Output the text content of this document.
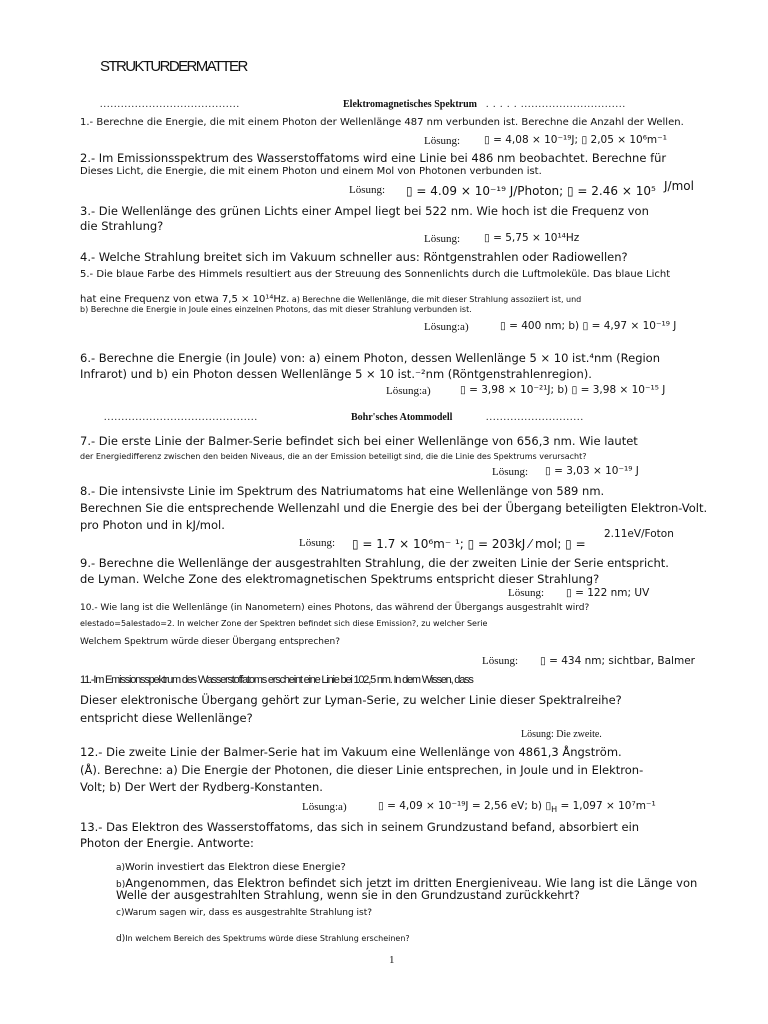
STRUKTURDERMATTER
........................................	Elektromagnetisches Spektrum . . . . . ..............................
1.- Berechne die Energie, die mit einem Photon der Wellenlänge 487 nm verbunden ist. Berechne die Anzahl der Wellen.
Lösung: ▯ = 4,08 × 10⁻¹⁹J; ▯ 2,05 × 10⁶m⁻¹
2.- Im Emissionsspektrum des Wasserstoffatoms wird eine Linie bei 486 nm beobachtet. Berechne für
Dieses Licht, die Energie, die mit einem Photon und einem Mol von Photonen verbunden ist.
Lösung: ▯ = 4.09 × 10⁻¹⁹ J/Photon; ▯ = 2.46 × 10⁵ J/mol
3.- Die Wellenlänge des grünen Lichts einer Ampel liegt bei 522 nm. Wie hoch ist die Frequenz von
die Strahlung?
Lösung: ▯ = 5,75 × 10¹⁴Hz
4.- Welche Strahlung breitet sich im Vakuum schneller aus: Röntgenstrahlen oder Radiowellen?
5.- Die blaue Farbe des Himmels resultiert aus der Streuung des Sonnenlichts durch die Luftmoleküle. Das blaue Licht
hat eine Frequenz von etwa 7,5 × 10¹⁴Hz. a) Berechne die Wellenlänge, die mit dieser Strahlung assoziiert ist, und
b) Berechne die Energie in Joule eines einzelnen Photons, das mit dieser Strahlung verbunden ist.
Lösung:a)	▯ = 400 nm; b) ▯ = 4,97 × 10⁻¹⁹ J
6.- Berechne die Energie (in Joule) von: a) einem Photon, dessen Wellenlänge 5 × 10 ist.⁴nm (Region
Infrarot) und b) ein Photon dessen Wellenlänge 5 × 10 ist.⁻²nm (Röntgenstrahlenregion).
Lösung:a)	▯ = 3,98 × 10⁻²¹J; b) ▯ = 3,98 × 10⁻¹⁵ J
............................................	Bohr'sches Atommodell	............................
7.- Die erste Linie der Balmer-Serie befindet sich bei einer Wellenlänge von 656,3 nm. Wie lautet
der Energiedifferenz zwischen den beiden Niveaus, die an der Emission beteiligt sind, die die Linie des Spektrums verursacht?
Lösung: ▯ = 3,03 × 10⁻¹⁹ J
8.- Die intensivste Linie im Spektrum des Natriumatoms hat eine Wellenlänge von 589 nm.
Berechnen Sie die entsprechende Wellenzahl und die Energie des bei der Übergang beteiligten Elektron-Volt.
pro Photon und in kJ/mol.
2.11eV/Foton
Lösung: ▯ = 1.7 × 10⁶m⁻ ¹; ▯ = 203kJ ⁄ mol; ▯ =
9.- Berechne die Wellenlänge der ausgestrahlten Strahlung, die der zweiten Linie der Serie entspricht.
de Lyman. Welche Zone des elektromagnetischen Spektrums entspricht dieser Strahlung?
Lösung: ▯ = 122 nm; UV
10.- Wie lang ist die Wellenlänge (in Nanometern) eines Photons, das während der Übergangs ausgestrahlt wird?
elestado=5alestado=2. In welcher Zone der Spektren befindet sich diese Emission?, zu welcher Serie
Welchem Spektrum würde dieser Übergang entsprechen?
Lösung: ▯ = 434 nm; sichtbar, Balmer
11.-Im Emissionsspektrum des Wasserstoffatoms erscheint eine Linie bei 102,5 nm. In dem Wissen, dass
Dieser elektronische Übergang gehört zur Lyman-Serie, zu welcher Linie dieser Spektralreihe?
entspricht diese Wellenlänge?
Lösung: Die zweite.
12.- Die zweite Linie der Balmer-Serie hat im Vakuum eine Wellenlänge von 4861,3 Ångström.
(Å). Berechne: a) Die Energie der Photonen, die dieser Linie entsprechen, in Joule und in Elektron-
Volt; b) Der Wert der Rydberg-Konstanten.
Lösung:a)	▯ = 4,09 × 10⁻¹⁹J = 2,56 eV; b) $▯_H = 1,097 \times 10^7m^{-1}$
13.- Das Elektron des Wasserstoffatoms, das sich in seinem Grundzustand befand, absorbiert ein
Photon der Energie. Antworte:
a)Worin investiert das Elektron diese Energie?
b)Angenommen, das Elektron befindet sich jetzt im dritten Energieniveau. Wie lang ist die Länge von
Welle der ausgestrahlten Strahlung, wenn sie in den Grundzustand zurückkehrt?
c)Warum sagen wir, dass es ausgestrahlte Strahlung ist?
d)In welchem Bereich des Spektrums würde diese Strahlung erscheinen?
1
